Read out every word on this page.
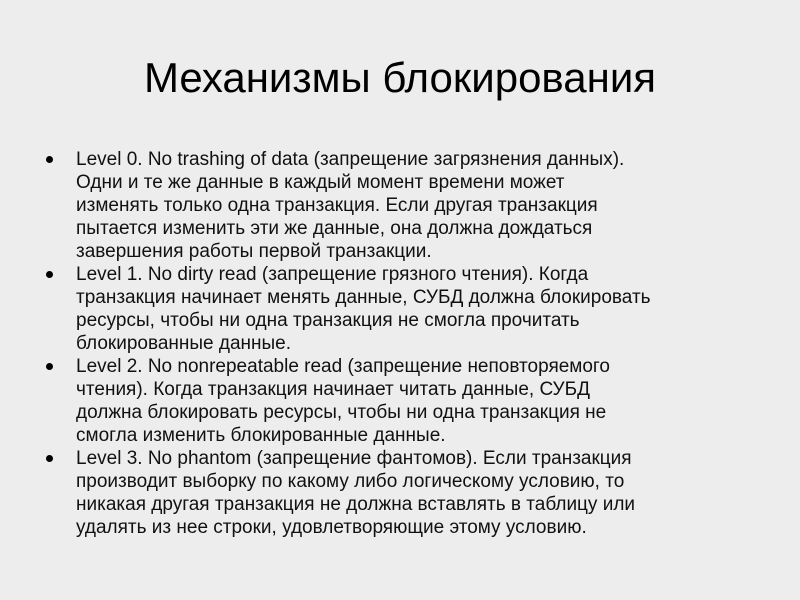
Механизмы блокирования
Level 0. No trashing of data (запрещение загрязнения данных).
Одни и те же данные в каждый момент времени может
изменять только одна транзакция. Если другая транзакция
пытается изменить эти же данные, она должна дождаться
завершения работы первой транзакции.
Level 1. No dirty read (запрещение грязного чтения). Когда
транзакция начинает менять данные, СУБД должна блокировать
ресурсы, чтобы ни одна транзакция не смогла прочитать
блокированные данные.
Level 2. No nonrepeatable read (запрещение неповторяемого
чтения). Когда транзакция начинает читать данные, СУБД
должна блокировать ресурсы, чтобы ни одна транзакция не
смогла изменить блокированные данные.
Level 3. No phantom (запрещение фантомов). Если транзакция
производит выборку по какому либо логическому условию, то
никакая другая транзакция не должна вставлять в таблицу или
удалять из нее строки, удовлетворяющие этому условию.
